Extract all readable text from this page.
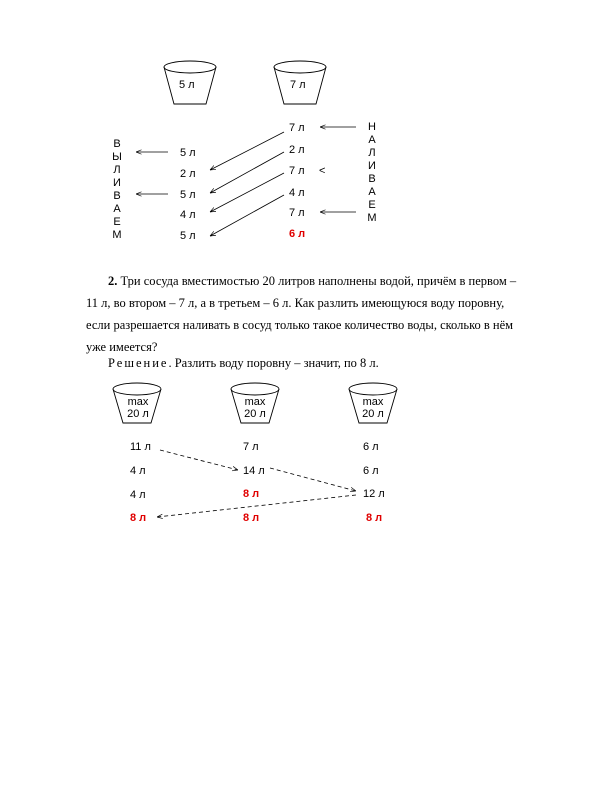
5 л	7 л
В
Ы
Л
И
В
А
Е
М
Н
А
Л
И
В
А
Е
М
5 л
2 л
5 л
4 л
5 л
7 л
2 л
7 л <
4 л
7 л
6 л
2. Три сосуда вместимостью 20 литров наполнены водой, причём в первом –
11 л, во втором – 7 л, а в третьем – 6 л. Как разлить имеющуюся воду поровну,
если разрешается наливать в сосуд только такое количество воды, сколько в нём
уже имеется?
Решение. Разлить воду поровну – значит, по 8 л.
max
20 л
max
20 л
max
20 л
11 л
4 л
4 л
8 л
7 л
14 л
8 л
8 л
6 л
6 л
12 л
8 л
